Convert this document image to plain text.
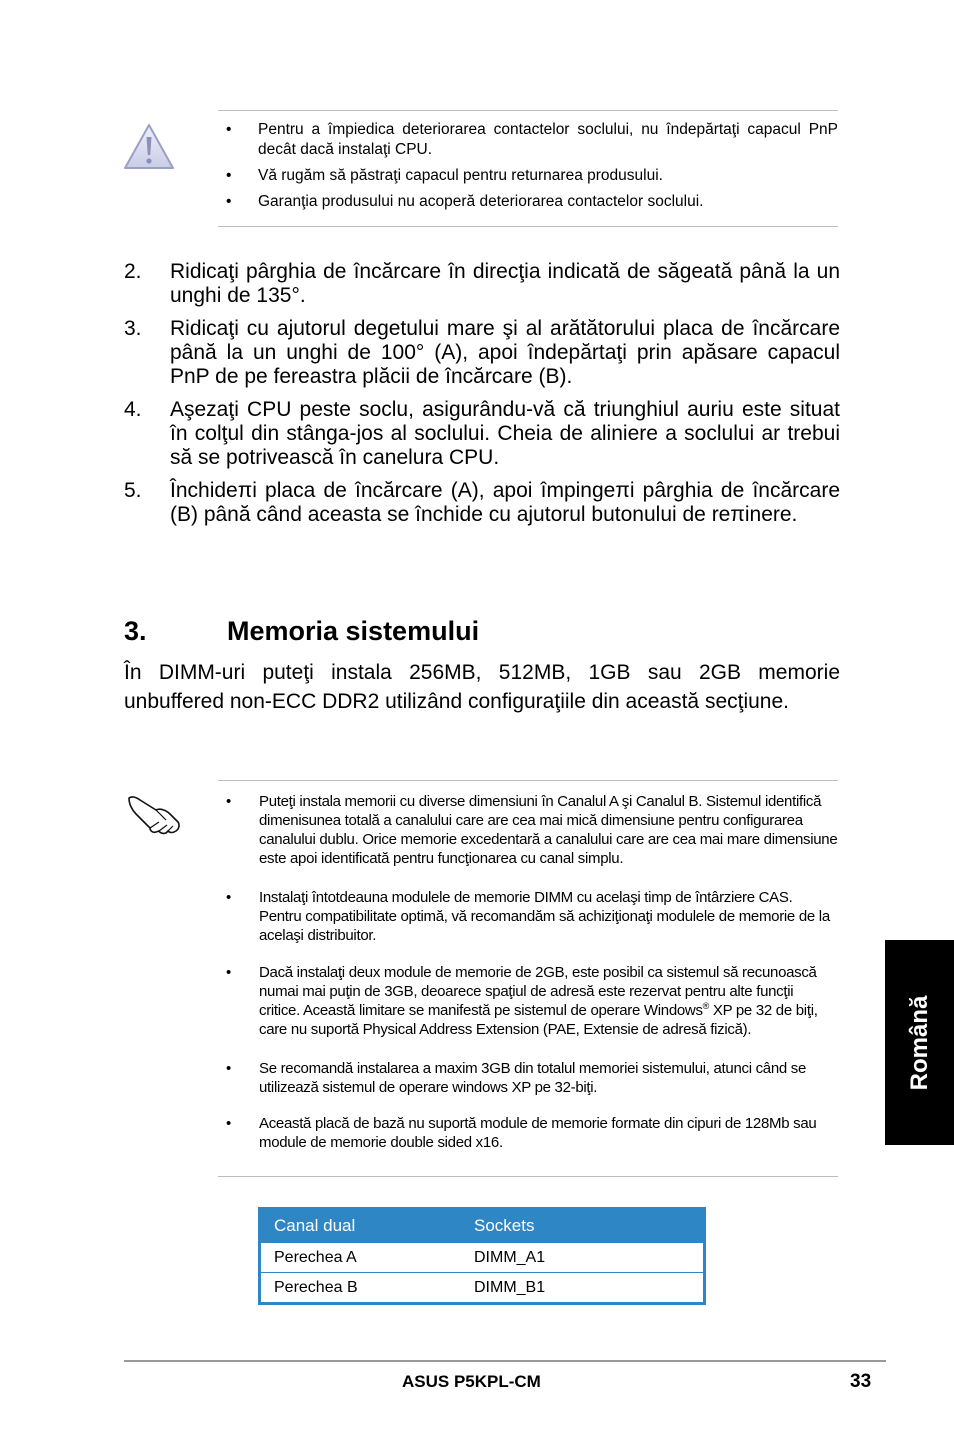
• Pentru a împiedica deteriorarea contactelor soclului, nu îndepărtaţi capacul PnP decât dacă instalaţi CPU.
• Vă rugăm să păstraţi capacul pentru returnarea produsului.
• Garanţia produsului nu acoperă deteriorarea contactelor soclului.
2. Ridicaţi pârghia de încărcare în direcţia indicată de săgeată până la un unghi de 135°.
3. Ridicaţi cu ajutorul degetului mare şi al arătătorului placa de încărcare până la un unghi de 100° (A), apoi îndepărtaţi prin apăsare capacul PnP de pe fereastra plăcii de încărcare (B).
4. Aşezaţi CPU peste soclu, asigurându-vă că triunghiul auriu este situat în colţul din stânga-jos al soclului. Cheia de aliniere a soclului ar trebui să se potrivească în canelura CPU.
5. Închideπi placa de încărcare (A), apoi împingeπi pârghia de încărcare (B) până când aceasta se închide cu ajutorul butonului de reπinere.
3.	Memoria sistemului
În DIMM-uri puteţi instala 256MB, 512MB, 1GB sau 2GB memorie unbuffered non-ECC DDR2 utilizând configuraţiile din această secţiune.
• Puteţi instala memorii cu diverse dimensiuni în Canalul A şi Canalul B. Sistemul identifică dimenisunea totală a canalului care are cea mai mică dimensiune pentru configurarea canalului dublu. Orice memorie excedentară a canalului care are cea mai mare dimensiune este apoi identificată pentru funcţionarea cu canal simplu.
• Instalaţi întotdeauna modulele de memorie DIMM cu acelaşi timp de întârziere CAS. Pentru compatibilitate optimă, vă recomandăm să achiziţionaţi modulele de memorie de la acelaşi distribuitor.
• Dacă instalaţi deux module de memorie de 2GB, este posibil ca sistemul să recunoască numai mai puţin de 3GB, deoarece spaţiul de adresă este rezervat pentru alte funcţii critice. Această limitare se manifestă pe sistemul de operare Windows® XP pe 32 de biţi, care nu suportă Physical Address Extension (PAE, Extensie de adresă fizică).
• Se recomandă instalarea a maxim 3GB din totalul memoriei sistemului, atunci când se utilizează sistemul de operare windows XP pe 32-biţi.
• Această placă de bază nu suportă module de memorie formate din cipuri de 128Mb sau module de memorie double sided x16.
Canal dual	Sockets
Perechea A	DIMM_A1
Perechea B	DIMM_B1
Română
ASUS P5KPL-CM	33
